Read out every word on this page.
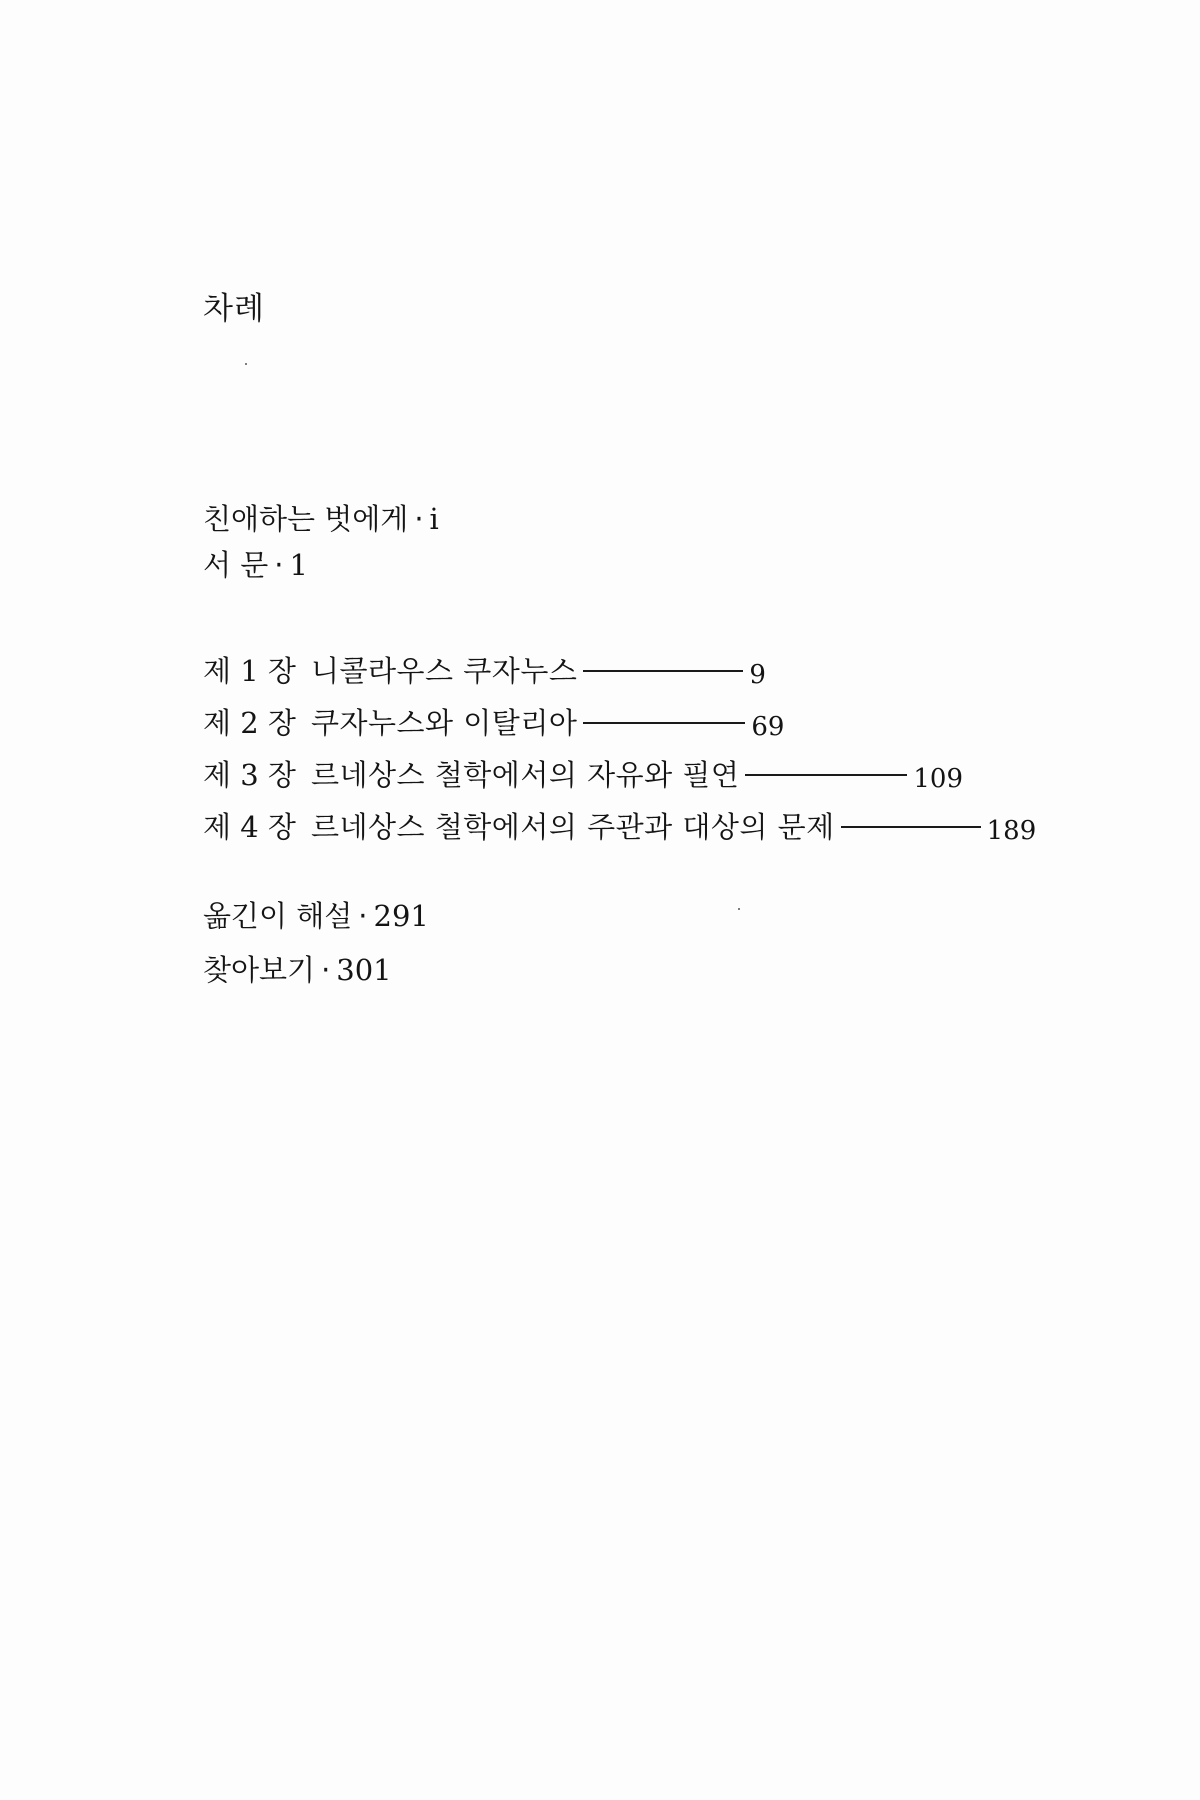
차례
친애하는 벗에게 · i
서 문 · 1
제 1 장 니콜라우스 쿠자누스	9
제 2 장 쿠자누스와 이탈리아	69
제 3 장 르네상스 철학에서의 자유와 필연	109
제 4 장 르네상스 철학에서의 주관과 대상의 문제	189
옮긴이 해설 · 291
찾아보기 · 301
